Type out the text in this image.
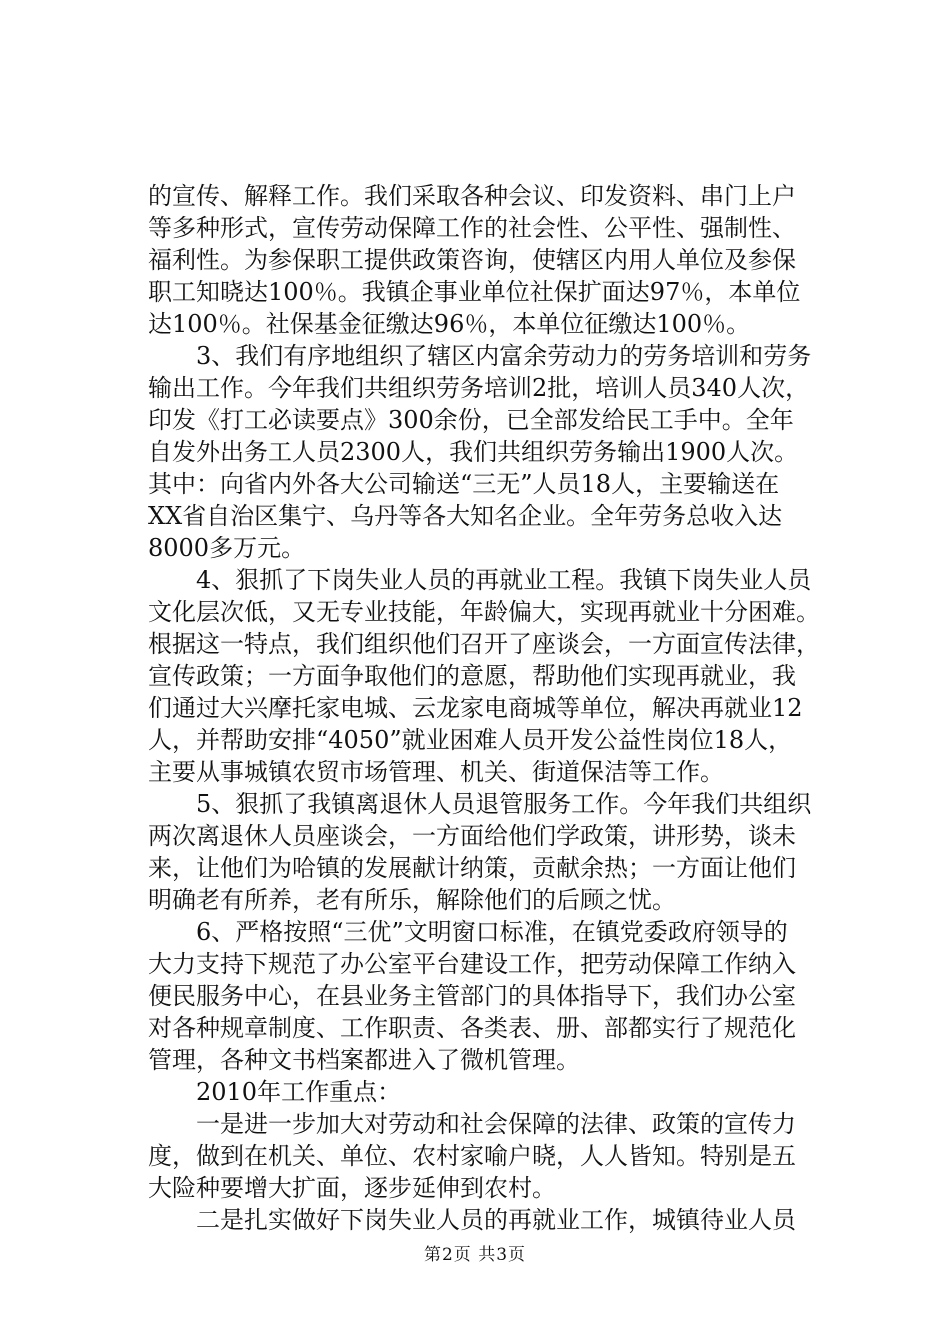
的宣传、解释工作。我们采取各种会议、印发资料、串门上户
等多种形式，宣传劳动保障工作的社会性、公平性、强制性、
福利性。为参保职工提供政策咨询，使辖区内用人单位及参保
职工知晓达100％。我镇企事业单位社保扩面达97％，本单位
达100％。社保基金征缴达96％，本单位征缴达100％。
　　3、我们有序地组织了辖区内富余劳动力的劳务培训和劳务
输出工作。今年我们共组织劳务培训2批，培训人员340人次，
印发《打工必读要点》300余份，已全部发给民工手中。全年
自发外出务工人员2300人，我们共组织劳务输出1900人次。
其中：向省内外各大公司输送“三无”人员18人，主要输送在
XX省自治区集宁、乌丹等各大知名企业。全年劳务总收入达
8000多万元。
　　4、狠抓了下岗失业人员的再就业工程。我镇下岗失业人员
文化层次低，又无专业技能，年龄偏大，实现再就业十分困难。
根据这一特点，我们组织他们召开了座谈会，一方面宣传法律，
宣传政策；一方面争取他们的意愿，帮助他们实现再就业，我
们通过大兴摩托家电城、云龙家电商城等单位，解决再就业12
人，并帮助安排“4050”就业困难人员开发公益性岗位18人，
主要从事城镇农贸市场管理、机关、街道保洁等工作。
　　5、狠抓了我镇离退休人员退管服务工作。今年我们共组织
两次离退休人员座谈会，一方面给他们学政策，讲形势，谈未
来，让他们为哈镇的发展献计纳策，贡献余热；一方面让他们
明确老有所养，老有所乐，解除他们的后顾之忧。
　　6、严格按照“三优”文明窗口标准，在镇党委政府领导的
大力支持下规范了办公室平台建设工作，把劳动保障工作纳入
便民服务中心，在县业务主管部门的具体指导下，我们办公室
对各种规章制度、工作职责、各类表、册、部都实行了规范化
管理，各种文书档案都进入了微机管理。
　　2010年工作重点：
　　一是进一步加大对劳动和社会保障的法律、政策的宣传力
度，做到在机关、单位、农村家喻户晓，人人皆知。特别是五
大险种要增大扩面，逐步延伸到农村。
　　二是扎实做好下岗失业人员的再就业工作，城镇待业人员
第2页 共3页
